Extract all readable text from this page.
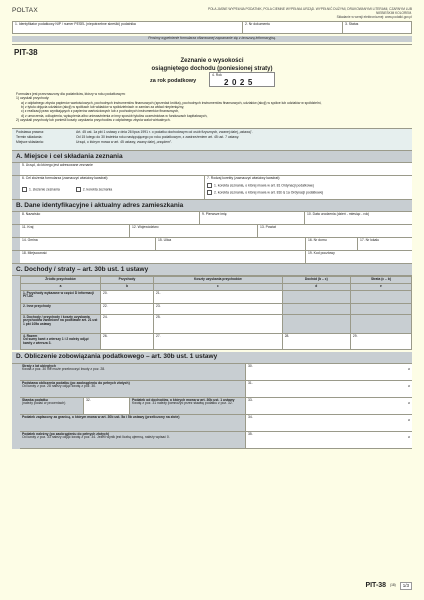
POLTAX	POLA JASNE WYPEŁNIA PODATNIK, POLA CIEMNE WYPEŁNIA URZĄD. WYPEŁNIĆ DUŻYMI, DRUKOWANYMI LITERAMI, CZARNYM LUB NIEBIESKIM KOLOREM.
Składanie w wersji elektronicznej: www.podatki.gov.pl
1. Identyfikator podatkowy NIP / numer PESEL (niepotrzebne skreślić) podatnika	2. Nr dokumentu	3. Status
Prosimy wypełnienie formularza ofiarowanej zapoznanie się z broszurą informacyjną.
PIT-38
Zeznanie o wysokości
osiągniętego dochodu (poniesionej straty)
za rok podatkowy
4. Rok
2025
Formularz jest przeznaczony dla podatników, którzy w roku podatkowym:
1) uzyskali przychody:
a) z odpłatnego zbycia papierów wartościowych, pochodnych instrumentów finansowych (sprzedaż krótka), pochodnych instrumentów finansowych, udziałów (akcji) w spółce lub udziałów w spółdzielni,
b) z tytułu objęcia udziałów (akcji) w spółkach lub wkładów w spółdzielniach w zamian za wkład niepieniężny,
c) z realizacji praw wynikających z papierów wartościowych lub z pochodnych instrumentów finansowych,
d) z umorzenia, odkupienia, wykupienia albo unieważnienia w inny sposób tytułów uczestnictwa w funduszach kapitałowych,
2) uzyskali przychody lub ponieśli koszty uzyskania przychodów z odpłatnego zbycia walut wirtualnych.
Podstawa prawna:	Art. 45 ust. 1a pkt 1 ustawy z dnia 26 lipca 1991 r. o podatku dochodowym od osób fizycznych, zwanej dalej „ustawą”.
Termin składania:	Od 15 lutego do 30 kwietnia roku następującego po roku podatkowym, z zastrzeżeniem art. 45 ust. 7 ustawy.
Miejsce składania:	Urząd, o którym mowa w art. 45 ustawy, zwany dalej „urzędem”.
A. Miejsce i cel składania zeznania
5. Urząd, do którego jest adresowane zeznanie
6. Cel złożenia formularza (zaznaczyć właściwy kwadrat):
1. złożenie zeznania	2. korekta zeznania
7. Rodzaj korekty (zaznaczyć właściwy kwadrat):
1. korekta zeznania, o której mowa w art. 81 Ordynacji podatkowej
2. korekta zeznania, o której mowa w art. 81b § 1a Ordynacji podatkowej
B. Dane identyfikacyjne i aktualny adres zamieszkania
8. Nazwisko	9. Pierwsze imię	10. Data urodzenia (dzień - miesiąc - rok)
11. Kraj	12. Województwo	13. Powiat
14. Gmina	15. Ulica	16. Nr domu	17. Nr lokalu
18. Miejscowość	19. Kod pocztowy
C. Dochody / straty – art. 30b ust. 1 ustawy
Źródło przychodów	Przychody	Koszty uzyskania przychodów	Dochód (b – c)	Strata (c – b)
a	b	c	d	e
1. Przychody wykazane w części D informacji PIT-8C	20.	21.		
2. Inne przychody	22.	23.		
3. Dochody / przychody i koszty uzyskania przychodów zwolnione na podstawie art. 21 ust 1 pkt 105a ustawy	24.	25.		
4. Razem
Od sumy kwot z wierszy 1 i 2 należy odjąć kwoty z wiersza 3.	26.	27.	28.	29.
D. Obliczenie zobowiązania podatkowego – art. 30b ust. 1 ustawy
Straty z lat ubiegłych
Kwota z poz. 30 nie może przekroczyć kwoty z poz. 28.
30.
zł
Podstawa obliczenia podatku (po zaokrągleniu do pełnych złotych)
Od kwoty z poz. 28 należy odjąć kwotę z poz. 30.
31.
zł
Stawka podatku
(należy podać w procentach)
32.	Podatek od dochodów, o których mowa w art. 30b ust. 1 ustawy
Kwotę z poz. 31 należy pomnożyć przez stawkę podatku z poz. 32.
33.
zł
Podatek zapłacony za granicą, o którym mowa w art. 30b ust. 5a i 5b ustawy (przeliczony na złote)	34.
zł
Podatek należny (po zaokrągleniu do pełnych złotych)
Od kwoty z poz. 33 należy odjąć kwotę z poz. 34. Jeżeli wynik jest liczbą ujemną, należy wpisać 0.
35.
zł
PIT-38 (18)	1/3
